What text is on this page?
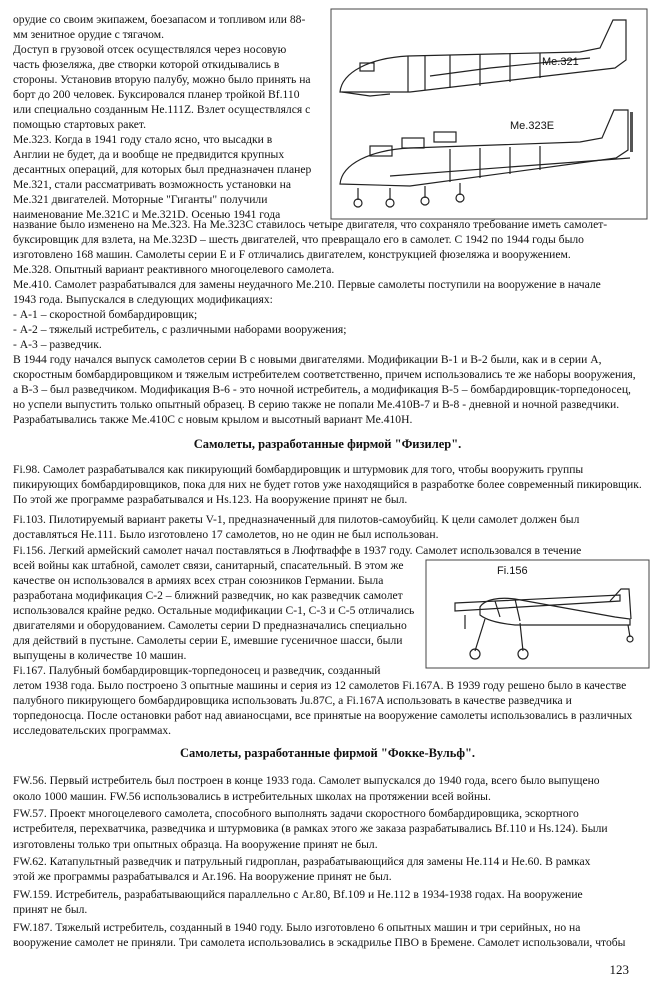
орудие со своим экипажем, боезапасом и топливом или 88-

мм зенитное орудие с тягачом.

Доступ в грузовой отсек осуществлялся через носовую

часть фюзеляжа, две створки которой откидывались в

стороны. Установив вторую палубу, можно было принять на

борт до 200 человек. Буксировался планер тройкой Bf.110

или специально созданным He.111Z. Взлет осуществлялся с

помощью стартовых ракет.

Me.323. Когда в 1941 году стало ясно, что высадки в

Англии не будет, да и вообще не предвидится крупных

десантных операций, для которых был предназначен планер

Me.321, стали рассматривать возможность установки на

Me.321 двигателей. Моторные "Гиганты" получили

наименование Me.321C и Me.321D. Осенью 1941 года

Me.321
Me.323E

название было изменено на Me.323. На Me.323C ставилось четыре двигателя, что сохраняло требование иметь самолет-

буксировщик для взлета, на Me.323D – шесть двигателей, что превращало его в самолет. С 1942 по 1944 годы было

изготовлено 168 машин. Самолеты серии E и F отличались двигателем, конструкцией фюзеляжа и вооружением.

Me.328. Опытный вариант реактивного многоцелевого самолета.

Me.410. Самолет разрабатывался для замены неудачного Me.210. Первые самолеты поступили на вооружение в начале

1943 года. Выпускался в следующих модификациях:

- А-1 – скоростной бомбардировщик;

- А-2 – тяжелый истребитель, с различными наборами вооружения;

- А-3 – разведчик.

В 1944 году начался выпуск самолетов серии B с новыми двигателями. Модификации B-1 и B-2 были, как и в серии A,

скоростным бомбардировщиком и тяжелым истребителем соответственно, причем использовались те же наборы вооружения,

а B-3 – был разведчиком. Модификация B-6 - это ночной истребитель, а модификация B-5 – бомбардировщик-торпедоносец,

но успели выпустить только опытный образец. В серию также не попали Me.410B-7 и B-8 - дневной и ночной разведчики.

Разрабатывались также Me.410C с новым крылом и высотный вариант Me.410H.

Самолеты, разработанные фирмой "Физилер".

Fi.98. Самолет разрабатывался как пикирующий бомбардировщик и штурмовик для того, чтобы вооружить группы

пикирующих бомбардировщиков, пока для них не будет готов уже находящийся в разработке более современный пикировщик.

По этой же программе разрабатывался и Hs.123. На вооружение принят не был.

Fi.103. Пилотируемый вариант ракеты V-1, предназначенный для пилотов-самоубийц. К цели самолет должен был

доставляться He.111. Было изготовлено 17 самолетов, но не один не был использован.

Fi.156. Легкий армейский самолет начал поставляться в Люфтваффе в 1937 году. Самолет использовался в течение

всей войны как штабной, самолет связи, санитарный, спасательный. В этом же

качестве он использовался в армиях всех стран союзников Германии. Была

разработана модификация C-2 – ближний разведчик, но как разведчик самолет

использовался крайне редко. Остальные модификации C-1, C-3 и C-5 отличались

двигателями и оборудованием. Самолеты серии D предназначались специально

для действий в пустыне. Самолеты серии E, имевшие гусеничное шасси, были

выпущены в количестве 10 машин.

Fi.167. Палубный бомбардировщик-торпедоносец и разведчик, созданный

Fi.156

летом 1938 года. Было построено 3 опытные машины и серия из 12 самолетов Fi.167A. В 1939 году решено было в качестве

палубного пикирующего бомбардировщика использовать Ju.87C, а Fi.167A использовать в качестве разведчика и

торпедоносца. После остановки работ над авианосцами, все принятые на вооружение самолеты использовались в различных

исследовательских программах.

Самолеты, разработанные фирмой "Фокке-Вульф".

FW.56. Первый истребитель был построен в конце 1933 года. Самолет выпускался до 1940 года, всего было выпущено

около 1000 машин. FW.56 использовались в истребительных школах на протяжении всей войны.

FW.57. Проект многоцелевого самолета, способного выполнять задачи скоростного бомбардировщика, эскортного

истребителя, перехватчика, разведчика и штурмовика (в рамках этого же заказа разрабатывались Bf.110 и Hs.124). Были

изготовлены только три опытных образца. На вооружение принят не был.

FW.62. Катапультный разведчик и патрульный гидроплан, разрабатывающийся для замены He.114 и He.60. В рамках

этой же программы разрабатывался и Ar.196. На вооружение принят не был.

FW.159. Истребитель, разрабатывающийся параллельно с Ar.80, Bf.109 и He.112 в 1934-1938 годах. На вооружение

принят не был.

FW.187. Тяжелый истребитель, созданный в 1940 году. Было изготовлено 6 опытных машин и три серийных, но на

вооружение самолет не приняли. Три самолета использовались в эскадрилье ПВО в Бремене. Самолет использовали, чтобы

123
